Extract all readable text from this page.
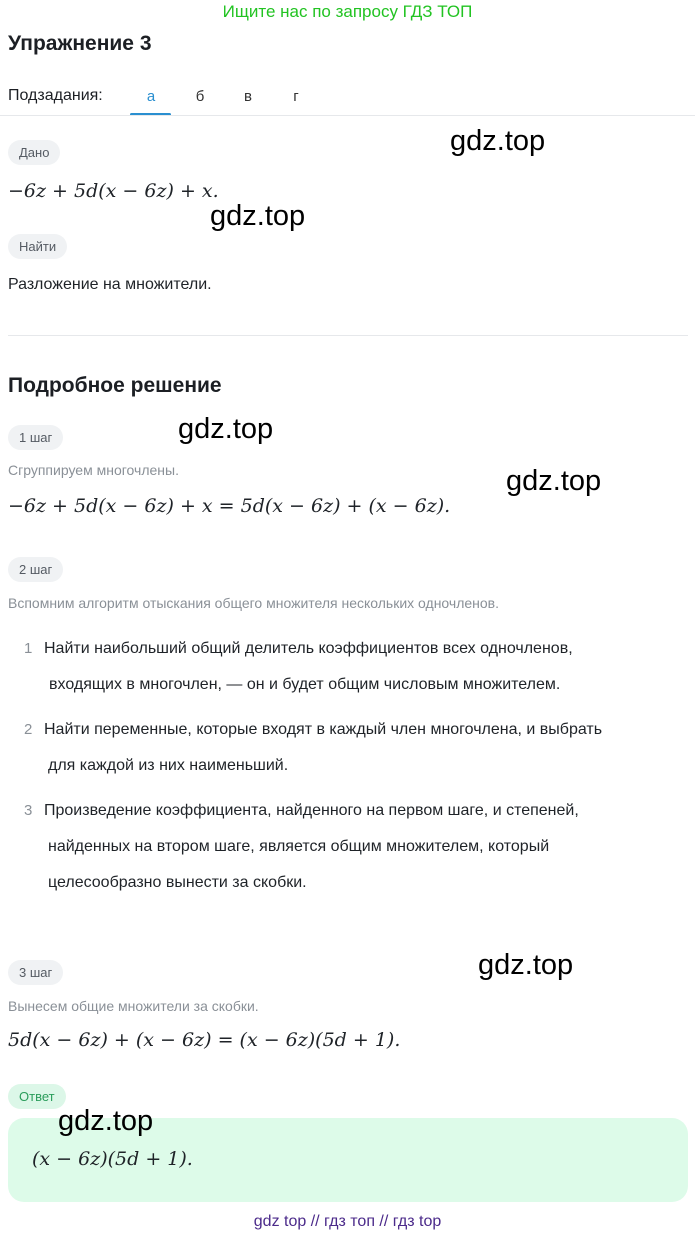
Ищите нас по запросу ГДЗ ТОП
Упражнение 3
Подзадания:	а	б	в	г
Дано
−6z + 5d(x − 6z) + x.
Найти
Разложение на множители.
Подробное решение
1 шаг
Сгруппируем многочлены.
−6z + 5d(x − 6z) + x = 5d(x − 6z) + (x − 6z).
2 шаг
Вспомним алгоритм отыскания общего множителя нескольких одночленов.
1 Найти наибольший общий делитель коэффициентов всех одночленов,
входящих в многочлен, — он и будет общим числовым множителем.
2 Найти переменные, которые входят в каждый член многочлена, и выбрать
для каждой из них наименьший.
3 Произведение коэффициента, найденного на первом шаге, и степеней,
найденных на втором шаге, является общим множителем, который
целесообразно вынести за скобки.
3 шаг
Вынесем общие множители за скобки.
5d(x − 6z) + (x − 6z) = (x − 6z)(5d + 1).
Ответ
(x − 6z)(5d + 1).
gdz.top
gdz.top
gdz.top
gdz.top
gdz.top
gdz.top
gdz top // гдз топ // гдз top
